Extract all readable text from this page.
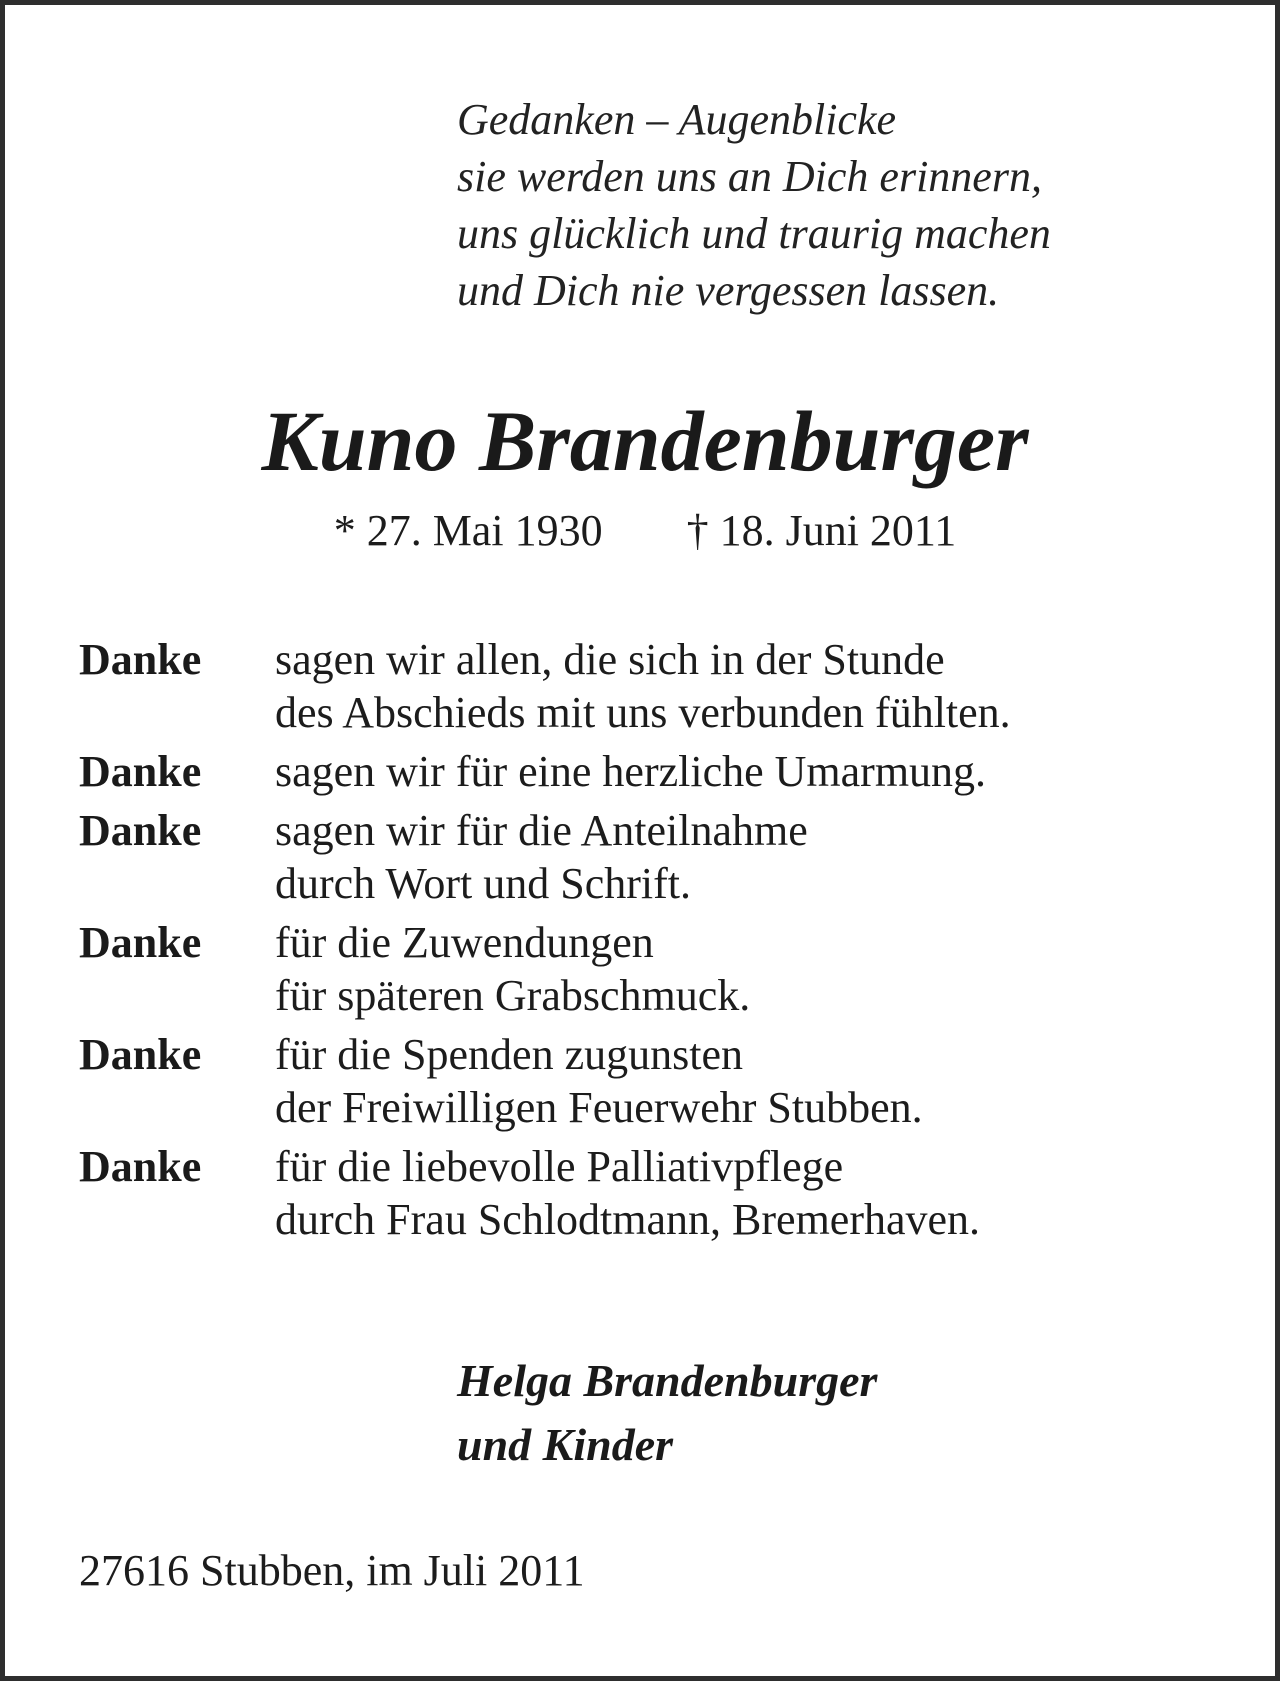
Gedanken – Augenblicke
sie werden uns an Dich erinnern,
uns glücklich und traurig machen
und Dich nie vergessen lassen.
Kuno Brandenburger
* 27. Mai 1930 † 18. Juni 2011
Danke	sagen wir allen, die sich in der Stunde
des Abschieds mit uns verbunden fühlten.
Danke	sagen wir für eine herzliche Umarmung.
Danke	sagen wir für die Anteilnahme
durch Wort und Schrift.
Danke	für die Zuwendungen
für späteren Grabschmuck.
Danke	für die Spenden zugunsten
der Freiwilligen Feuerwehr Stubben.
Danke	für die liebevolle Palliativpflege
durch Frau Schlodtmann, Bremerhaven.
Helga Brandenburger
und Kinder
27616 Stubben, im Juli 2011
